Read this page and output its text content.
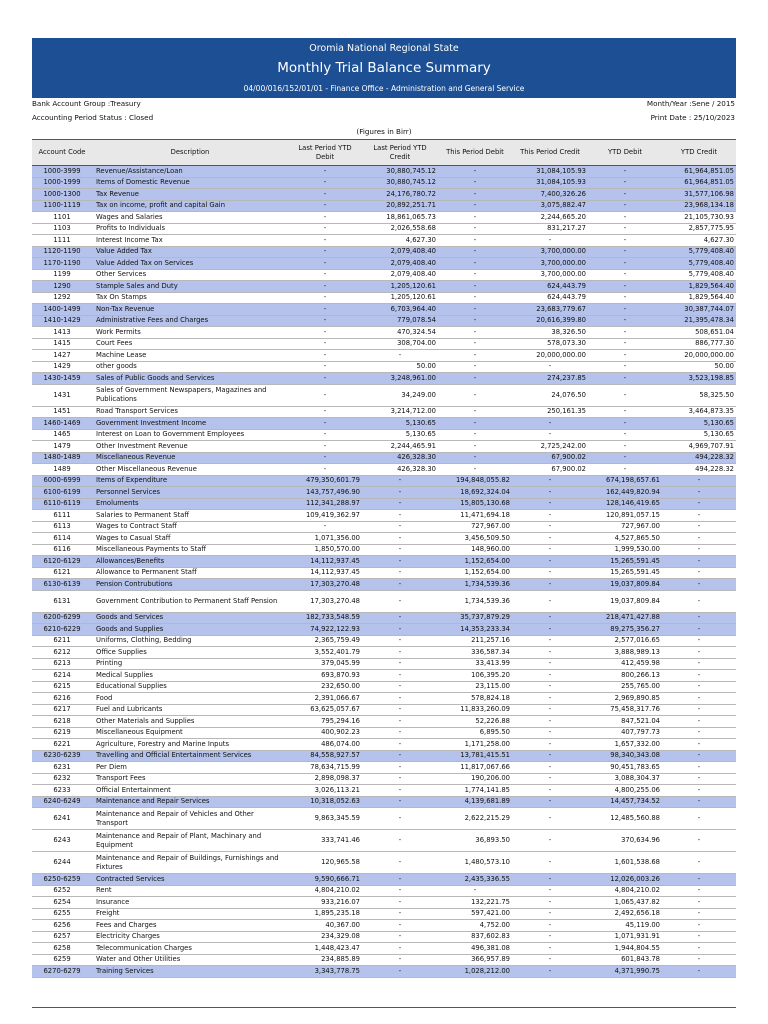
Oromia National Regional State
Monthly Trial Balance Summary
04/00/016/152/01/01 - Finance Office - Administration and General Service
Bank Account Group :Treasury	Month/Year :Sene / 2015
Accounting Period Status : Closed	Print Date : 25/10/2023
(Figures in Birr)
Account Code	Description	Last Period YTD Debit	Last Period YTD Credit	This Period Debit	This Period Credit	YTD Debit	YTD Credit
1000-3999	Revenue/Assistance/Loan	-	30,880,745.12	-	31,084,105.93	-	61,964,851.05
1000-1999	Items of Domestic Revenue	-	30,880,745.12	-	31,084,105.93	-	61,964,851.05
1000-1300	Tax Revenue	-	24,176,780.72	-	7,400,326.26	-	31,577,106.98
1100-1119	Tax on income, profit and capital Gain	-	20,892,251.71	-	3,075,882.47	-	23,968,134.18
1101	Wages and Salaries	-	18,861,065.73	-	2,244,665.20	-	21,105,730.93
1103	Profits to Individuals	-	2,026,558.68	-	831,217.27	-	2,857,775.95
1111	Interest Income Tax	-	4,627.30	-	-	-	4,627.30
1120-1190	Value Added Tax	-	2,079,408.40	-	3,700,000.00	-	5,779,408.40
1170-1190	Value Added Tax on Services	-	2,079,408.40	-	3,700,000.00	-	5,779,408.40
1199	Other Services	-	2,079,408.40	-	3,700,000.00	-	5,779,408.40
1290	Stample Sales and Duty	-	1,205,120.61	-	624,443.79	-	1,829,564.40
1292	Tax On Stamps	-	1,205,120.61	-	624,443.79	-	1,829,564.40
1400-1499	Non-Tax Revenue	-	6,703,964.40	-	23,683,779.67	-	30,387,744.07
1410-1429	Administrative Fees and Charges	-	779,078.54	-	20,616,399.80	-	21,395,478.34
1413	Work Permits	-	470,324.54	-	38,326.50	-	508,651.04
1415	Court Fees	-	308,704.00	-	578,073.30	-	886,777.30
1427	Machine Lease	-	-	-	20,000,000.00	-	20,000,000.00
1429	other goods	-	50.00	-	-	-	50.00
1430-1459	Sales of Public Goods and Services	-	3,248,961.00	-	274,237.85	-	3,523,198.85
1431	Sales of Government Newspapers, Magazines and Publications	-	34,249.00	-	24,076.50	-	58,325.50
1451	Road Transport Services	-	3,214,712.00	-	250,161.35	-	3,464,873.35
1460-1469	Government Investment Income	-	5,130.65	-	-	-	5,130.65
1465	Interest on Loan to Government Employees	-	5,130.65	-	-	-	5,130.65
1479	Other Investment Revenue	-	2,244,465.91	-	2,725,242.00	-	4,969,707.91
1480-1489	Miscellaneous Revenue	-	426,328.30	-	67,900.02	-	494,228.32
1489	Other Miscellaneous Revenue	-	426,328.30	-	67,900.02	-	494,228.32
6000-6999	Items of Expenditure	479,350,601.79	-	194,848,055.82	-	674,198,657.61	-
6100-6199	Personnel Services	143,757,496.90	-	18,692,324.04	-	162,449,820.94	-
6110-6119	Emoluments	112,341,288.97	-	15,805,130.68	-	128,146,419.65	-
6111	Salaries to Permanent Staff	109,419,362.97	-	11,471,694.18	-	120,891,057.15	-
6113	Wages to Contract Staff	-	-	727,967.00	-	727,967.00	-
6114	Wages to Casual Staff	1,071,356.00	-	3,456,509.50	-	4,527,865.50	-
6116	Miscellaneous Payments to Staff	1,850,570.00	-	148,960.00	-	1,999,530.00	-
6120-6129	Allowances/Benefits	14,112,937.45	-	1,152,654.00	-	15,265,591.45	-
6121	Allowance to Permanent Staff	14,112,937.45	-	1,152,654.00	-	15,265,591.45	-
6130-6139	Pension Contrubutions	17,303,270.48	-	1,734,539.36	-	19,037,809.84	-
6131	Government Contribution to Permanent Staff Pension	17,303,270.48	-	1,734,539.36	-	19,037,809.84	-
6200-6299	Goods and Services	182,733,548.59	-	35,737,879.29	-	218,471,427.88	-
6210-6229	Goods and Supplies	74,922,122.93	-	14,353,233.34	-	89,275,356.27	-
6211	Uniforms, Clothing, Bedding	2,365,759.49	-	211,257.16	-	2,577,016.65	-
6212	Office Supplies	3,552,401.79	-	336,587.34	-	3,888,989.13	-
6213	Printing	379,045.99	-	33,413.99	-	412,459.98	-
6214	Medical Supplies	693,870.93	-	106,395.20	-	800,266.13	-
6215	Educational Supplies	232,650.00	-	23,115.00	-	255,765.00	-
6216	Food	2,391,066.67	-	578,824.18	-	2,969,890.85	-
6217	Fuel and Lubricants	63,625,057.67	-	11,833,260.09	-	75,458,317.76	-
6218	Other Materials and Supplies	795,294.16	-	52,226.88	-	847,521.04	-
6219	Miscellaneous Equipment	400,902.23	-	6,895.50	-	407,797.73	-
6221	Agriculture, Forestry and Marine Inputs	486,074.00	-	1,171,258.00	-	1,657,332.00	-
6230-6239	Travelling and Official Entertainment Services	84,558,927.57	-	13,781,415.51	-	98,340,343.08	-
6231	Per Diem	78,634,715.99	-	11,817,067.66	-	90,451,783.65	-
6232	Transport Fees	2,898,098.37	-	190,206.00	-	3,088,304.37	-
6233	Official Entertainment	3,026,113.21	-	1,774,141.85	-	4,800,255.06	-
6240-6249	Maintenance and Repair Services	10,318,052.63	-	4,139,681.89	-	14,457,734.52	-
6241	Maintenance and Repair of Vehicles and Other Transport	9,863,345.59	-	2,622,215.29	-	12,485,560.88	-
6243	Maintenance and Repair of Plant, Machinary and Equipment	333,741.46	-	36,893.50	-	370,634.96	-
6244	Maintenance and Repair of Buildings, Furnishings and Fixtures	120,965.58	-	1,480,573.10	-	1,601,538.68	-
6250-6259	Contracted Services	9,590,666.71	-	2,435,336.55	-	12,026,003.26	-
6252	Rent	4,804,210.02	-	-	-	4,804,210.02	-
6254	Insurance	933,216.07	-	132,221.75	-	1,065,437.82	-
6255	Freight	1,895,235.18	-	597,421.00	-	2,492,656.18	-
6256	Fees and Charges	40,367.00	-	4,752.00	-	45,119.00	-
6257	Electricity Charges	234,329.08	-	837,602.83	-	1,071,931.91	-
6258	Telecommunication Charges	1,448,423.47	-	496,381.08	-	1,944,804.55	-
6259	Water and Other Utilities	234,885.89	-	366,957.89	-	601,843.78	-
6270-6279	Training Services	3,343,778.75	-	1,028,212.00	-	4,371,990.75	-
